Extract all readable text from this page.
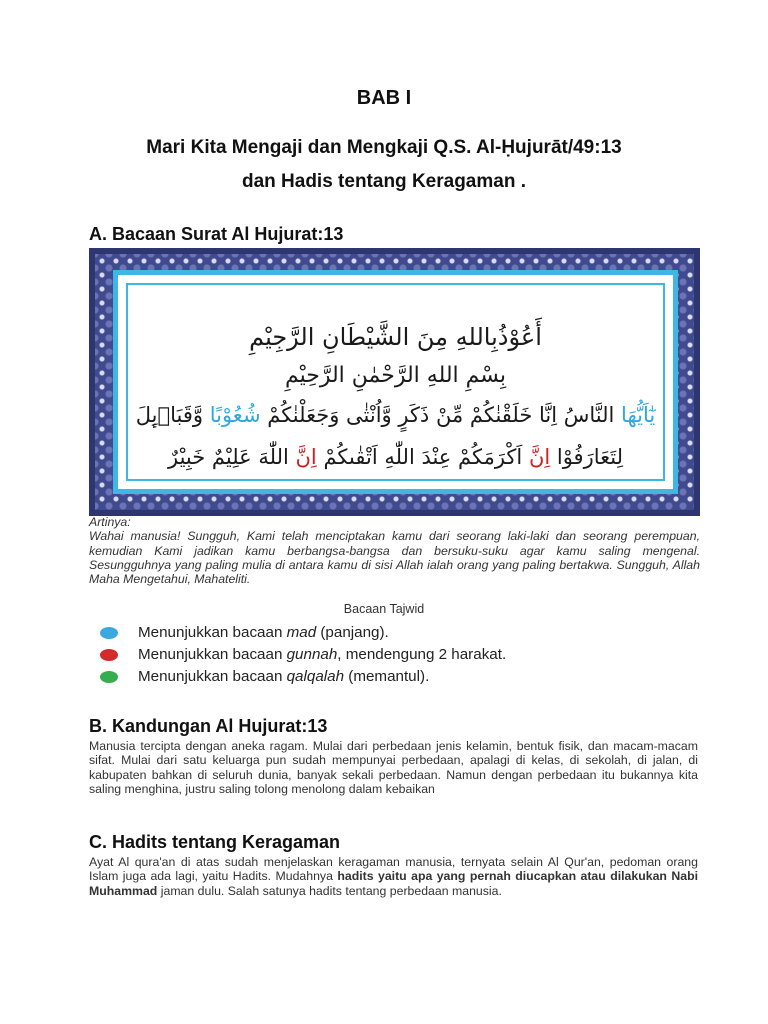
BAB I
Mari Kita Mengaji dan Mengkaji Q.S. Al-Ḥujurāt/49:13
dan Hadis tentang Keragaman .
A. Bacaan Surat Al Hujurat:13
أَعُوْذُبِاللهِ مِنَ الشَّيْطَانِ الرَّجِيْمِ
بِسْمِ اللهِ الرَّحْمٰنِ الرَّحِيْمِ
يٰٓاَيُّهَا النَّاسُ اِنَّا خَلَقْنٰكُمْ مِّنْ ذَكَرٍ وَّاُنْثٰى وَجَعَلْنٰكُمْ شُعُوْبًا وَّقَبَاۤىِٕلَ
لِتَعَارَفُوْا اِنَّ اَكْرَمَكُمْ عِنْدَ اللّٰهِ اَتْقٰىكُمْ اِنَّ اللّٰهَ عَلِيْمٌ خَبِيْرٌ
Artinya:
Wahai manusia! Sungguh, Kami telah menciptakan kamu dari seorang laki-laki dan seorang perempuan, kemudian Kami jadikan kamu berbangsa-bangsa dan bersuku-suku agar kamu saling mengenal. Sesungguhnya yang paling mulia di antara kamu di sisi Allah ialah orang yang paling bertakwa. Sungguh, Allah Maha Mengetahui, Mahateliti.
Bacaan Tajwid
Menunjukkan bacaan mad (panjang).
Menunjukkan bacaan gunnah, mendengung 2 harakat.
Menunjukkan bacaan qalqalah (memantul).
B. Kandungan Al Hujurat:13
Manusia tercipta dengan aneka ragam. Mulai dari perbedaan jenis kelamin, bentuk fisik, dan macam-macam sifat. Mulai dari satu keluarga pun sudah mempunyai perbedaan, apalagi di kelas, di sekolah, di jalan, di kabupaten bahkan di seluruh dunia, banyak sekali perbedaan. Namun dengan perbedaan itu bukannya kita saling menghina, justru saling tolong menolong dalam kebaikan
C. Hadits tentang Keragaman
Ayat Al qura'an di atas sudah menjelaskan keragaman manusia, ternyata selain Al Qur'an, pedoman orang Islam juga ada lagi, yaitu Hadits. Mudahnya hadits yaitu apa yang pernah diucapkan atau dilakukan Nabi Muhammad jaman dulu. Salah satunya hadits tentang perbedaan manusia.
